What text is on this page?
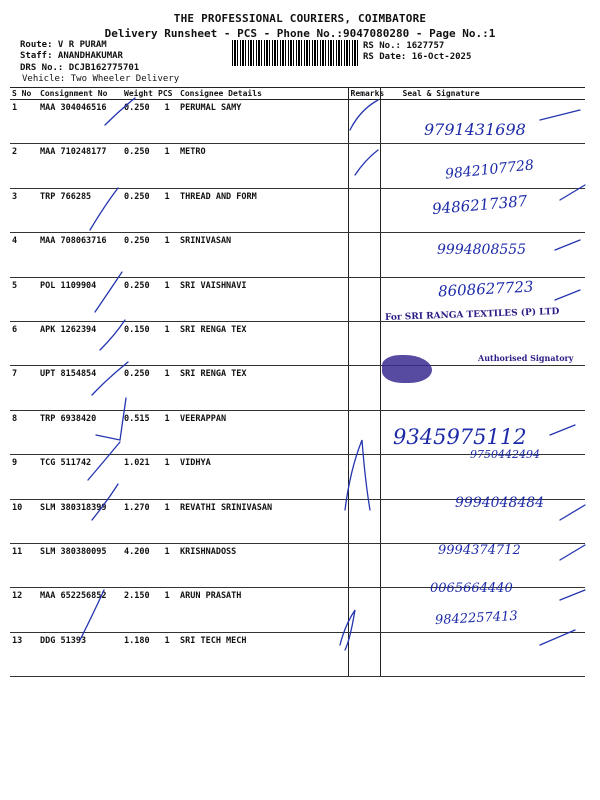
THE PROFESSIONAL COURIERS, COIMBATORE
Delivery Runsheet - PCS - Phone No.:9047080280 - Page No.:1
Route: V R PURAM
Staff: ANANDHAKUMAR
DRS No.: DCJB162775701
Vehicle: Two Wheeler Delivery
RS No.: 1627757
RS Date: 16-Oct-2025
S No	Consignment No	Weight	PCS	Consignee Details	Remarks	Seal & Signature
1	MAA 304046516	0.250	1	PERUMAL SAMY		
2	MAA 710248177	0.250	1	METRO		
3	TRP 766285	0.250	1	THREAD AND FORM		
4	MAA 708063716	0.250	1	SRINIVASAN		
5	POL 1109904	0.250	1	SRI VAISHNAVI		
6	APK 1262394	0.150	1	SRI RENGA TEX		
7	UPT 8154854	0.250	1	SRI RENGA TEX		
8	TRP 6938420	0.515	1	VEERAPPAN		
9	TCG 511742	1.021	1	VIDHYA		
10	SLM 380318399	1.270	1	REVATHI SRINIVASAN		
11	SLM 380380095	4.200	1	KRISHNADOSS		
12	MAA 652256852	2.150	1	ARUN PRASATH		
13	DDG 51393	1.180	1	SRI TECH MECH		
For SRI RANGA TEXTILES (P) LTD
Authorised Signatory
9791431698
9842107728
9486217387
9994808555
8608627723
9345975112
9750442494
9994048484
9994374712
0065664440
9842257413
